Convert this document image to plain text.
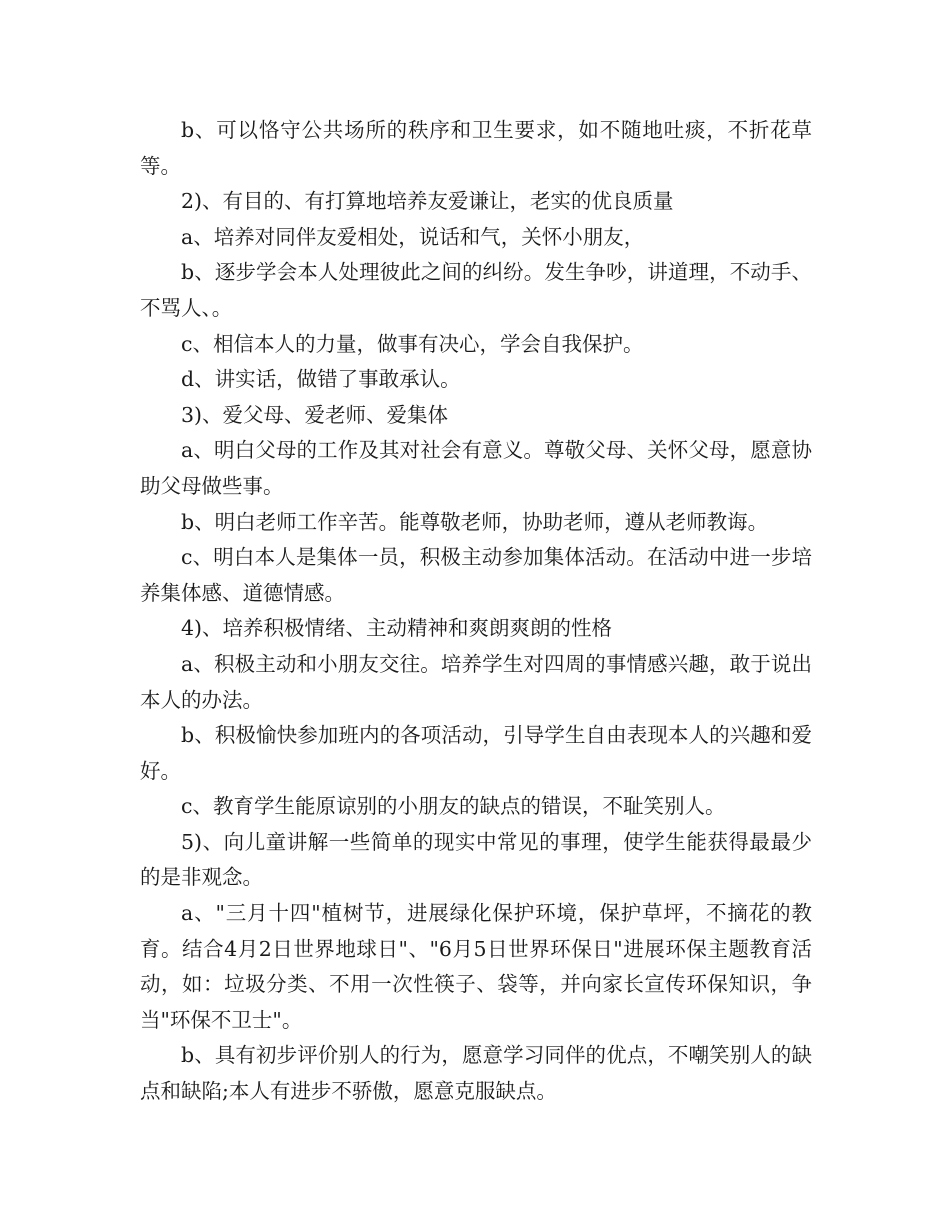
b、可以恪守公共场所的秩序和卫生要求，如不随地吐痰，不折花草等。

2)、有目的、有打算地培养友爱谦让，老实的优良质量

a、培养对同伴友爱相处，说话和气，关怀小朋友，

b、逐步学会本人处理彼此之间的纠纷。发生争吵，讲道理，不动手、不骂人、。

c、相信本人的力量，做事有决心，学会自我保护。

d、讲实话，做错了事敢承认。

3)、爱父母、爱老师、爱集体

a、明白父母的工作及其对社会有意义。尊敬父母、关怀父母，愿意协助父母做些事。

b、明白老师工作辛苦。能尊敬老师，协助老师，遵从老师教诲。

c、明白本人是集体一员，积极主动参加集体活动。在活动中进一步培养集体感、道德情感。

4)、培养积极情绪、主动精神和爽朗爽朗的性格

a、积极主动和小朋友交往。培养学生对四周的事情感兴趣，敢于说出本人的办法。

b、积极愉快参加班内的各项活动，引导学生自由表现本人的兴趣和爱好。

c、教育学生能原谅别的小朋友的缺点的错误，不耻笑别人。

5)、向儿童讲解一些简单的现实中常见的事理，使学生能获得最最少的是非观念。

a、"三月十四"植树节，进展绿化保护环境，保护草坪，不摘花的教育。结合4月2日世界地球日"、"6月5日世界环保日"进展环保主题教育活动，如：垃圾分类、不用一次性筷子、袋等，并向家长宣传环保知识，争当"环保不卫士"。

b、具有初步评价别人的行为，愿意学习同伴的优点，不嘲笑别人的缺点和缺陷;本人有进步不骄傲，愿意克服缺点。
